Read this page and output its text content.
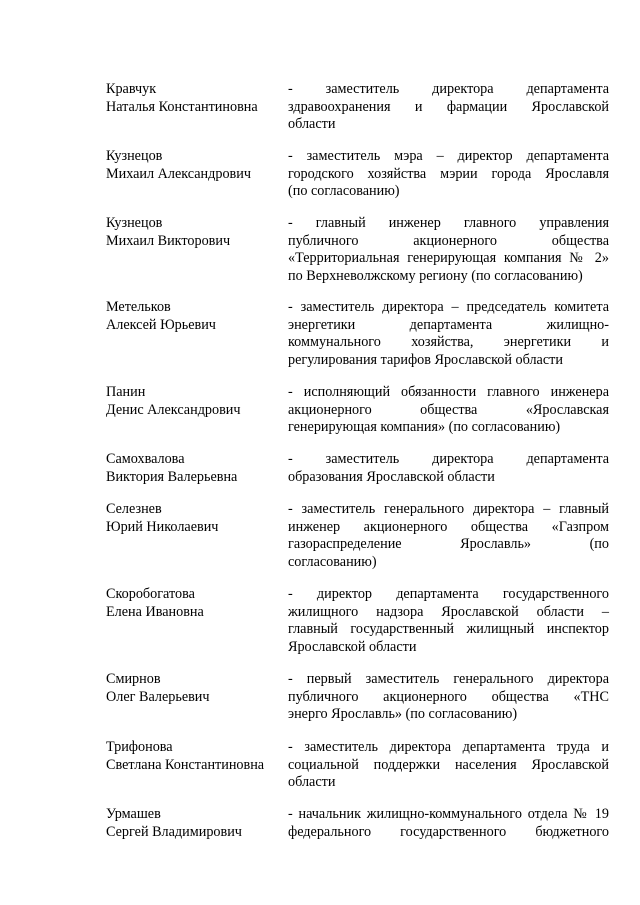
Кравчук
Наталья Константиновна
- заместитель директора департамента
здравоохранения и фармации Ярославской
области
Кузнецов
Михаил Александрович
- заместитель мэра – директор департамента
городского хозяйства мэрии города Ярославля
(по согласованию)
Кузнецов
Михаил Викторович
- главный инженер главного управления
публичного акционерного общества
«Территориальная генерирующая компания № 2»
по Верхневолжскому региону (по согласованию)
Метельков
Алексей Юрьевич
- заместитель директора – председатель комитета
энергетики департамента жилищно-
коммунального хозяйства, энергетики и
регулирования тарифов Ярославской области
Панин
Денис Александрович
- исполняющий обязанности главного инженера
акционерного общества «Ярославская
генерирующая компания» (по согласованию)
Самохвалова
Виктория Валерьевна
- заместитель директора департамента
образования Ярославской области
Селезнев
Юрий Николаевич
- заместитель генерального директора – главный
инженер акционерного общества «Газпром
газораспределение Ярославль» (по
согласованию)
Скоробогатова
Елена Ивановна
- директор департамента государственного
жилищного надзора Ярославской области –
главный государственный жилищный инспектор
Ярославской области
Смирнов
Олег Валерьевич
- первый заместитель генерального директора
публичного акционерного общества «ТНС
энерго Ярославль» (по согласованию)
Трифонова
Светлана Константиновна
- заместитель директора департамента труда и
социальной поддержки населения Ярославской
области
Урмашев
Сергей Владимирович
- начальник жилищно-коммунального отдела № 19
федерального государственного бюджетного
